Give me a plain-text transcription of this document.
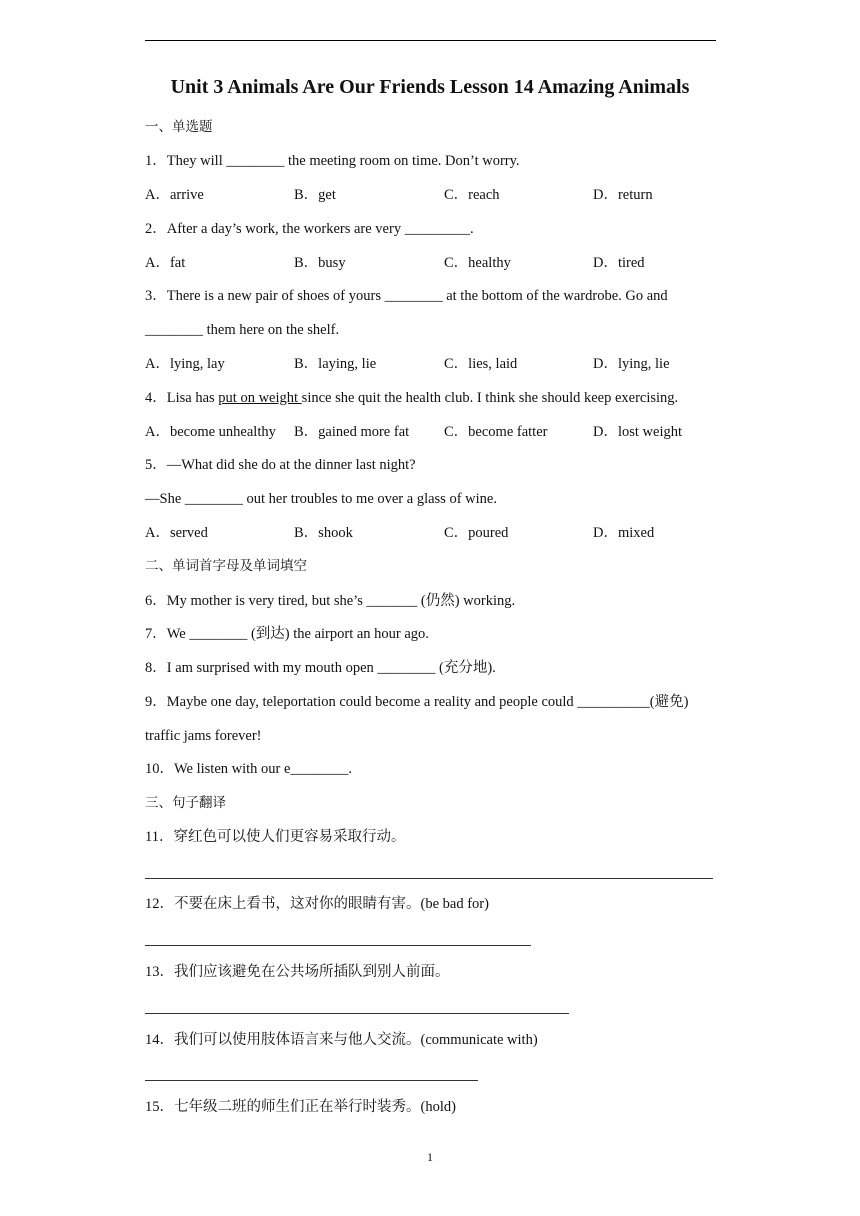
Unit 3 Animals Are Our Friends Lesson 14 Amazing Animals
一、单选题
1．They will ________ the meeting room on time. Don’t worry.
A．arrive	B．get	C．reach	D．return
2．After a day’s work, the workers are very _________.
A．fat	B．busy	C．healthy	D．tired
3．There is a new pair of shoes of yours ________ at the bottom of the wardrobe. Go and
________ them here on the shelf.
A．lying, lay	B．laying, lie	C．lies, laid	D．lying, lie
4．Lisa has put on weight since she quit the health club. I think she should keep exercising.
A．become unhealthy B．gained more fat C．become fatter	D．lost weight
5．—What did she do at the dinner last night?
—She ________ out her troubles to me over a glass of wine.
A．served	B．shook	C．poured	D．mixed
二、单词首字母及单词填空
6．My mother is very tired, but she’s _______ (仍然) working.
7．We ________ (到达) the airport an hour ago.
8．I am surprised with my mouth open ________ (充分地).
9．Maybe one day, teleportation could become a reality and people could __________(避免)
traffic jams forever!
10．We listen with our e________.
三、句子翻译
11．穿红色可以使人们更容易采取行动。
12．不要在床上看书，这对你的眼睛有害。(be bad for)
13．我们应该避免在公共场所插队到别人前面。
14．我们可以使用肢体语言来与他人交流。(communicate with)
15．七年级二班的师生们正在举行时装秀。(hold)
1
